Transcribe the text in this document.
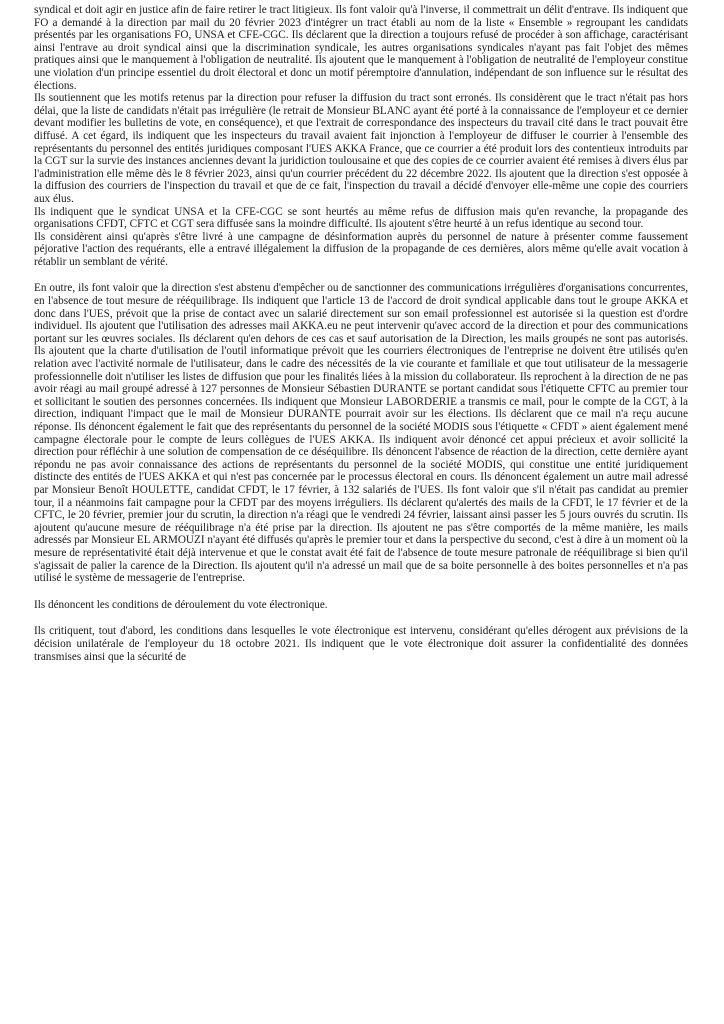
syndical et doit agir en justice afin de faire retirer le tract litigieux. Ils font valoir qu'à l'inverse, il commettrait un délit d'entrave. Ils indiquent que FO a demandé à la direction par mail du 20 février 2023 d'intégrer un tract établi au nom de la liste « Ensemble » regroupant les candidats présentés par les organisations FO, UNSA et CFE-CGC. Ils déclarent que la direction a toujours refusé de procéder à son affichage, caractérisant ainsi l'entrave au droit syndical ainsi que la discrimination syndicale, les autres organisations syndicales n'ayant pas fait l'objet des mêmes pratiques ainsi que le manquement à l'obligation de neutralité. Ils ajoutent que le manquement à l'obligation de neutralité de l'employeur constitue une violation d'un principe essentiel du droit électoral et donc un motif péremptoire d'annulation, indépendant de son influence sur le résultat des élections.

Ils soutiennent que les motifs retenus par la direction pour refuser la diffusion du tract sont erronés. Ils considèrent que le tract n'était pas hors délai, que la liste de candidats n'était pas irrégulière (le retrait de Monsieur BLANC ayant été porté à la connaissance de l'employeur et ce dernier devant modifier les bulletins de vote, en conséquence), et que l'extrait de correspondance des inspecteurs du travail cité dans le tract pouvait être diffusé. A cet égard, ils indiquent que les inspecteurs du travail avaient fait injonction à l'employeur de diffuser le courrier à l'ensemble des représentants du personnel des entités juridiques composant l'UES AKKA France, que ce courrier a été produit lors des contentieux introduits par la CGT sur la survie des instances anciennes devant la juridiction toulousaine et que des copies de ce courrier avaient été remises à divers élus par l'administration elle même dès le 8 février 2023, ainsi qu'un courrier précédent du 22 décembre 2022. Ils ajoutent que la direction s'est opposée à la diffusion des courriers de l'inspection du travail et que de ce fait, l'inspection du travail a décidé d'envoyer elle-même une copie des courriers aux élus.

Ils indiquent que le syndicat UNSA et la CFE-CGC se sont heurtés au même refus de diffusion mais qu'en revanche, la propagande des organisations CFDT, CFTC et CGT sera diffusée sans la moindre difficulté. Ils ajoutent s'être heurté à un refus identique au second tour.

Ils considèrent ainsi qu'après s'être livré à une campagne de désinformation auprès du personnel de nature à présenter comme faussement péjorative l'action des requérants, elle a entravé illégalement la diffusion de la propagande de ces dernières, alors même qu'elle avait vocation à rétablir un semblant de vérité.

En outre, ils font valoir que la direction s'est abstenu d'empêcher ou de sanctionner des communications irrégulières d'organisations concurrentes, en l'absence de tout mesure de rééquilibrage. Ils indiquent que l'article 13 de l'accord de droit syndical applicable dans tout le groupe AKKA et donc dans l'UES, prévoit que la prise de contact avec un salarié directement sur son email professionnel est autorisée si la question est d'ordre individuel. Ils ajoutent que l'utilisation des adresses mail AKKA.eu ne peut intervenir qu'avec accord de la direction et pour des communications portant sur les œuvres sociales. Ils déclarent qu'en dehors de ces cas et sauf autorisation de la Direction, les mails groupés ne sont pas autorisés. Ils ajoutent que la charte d'utilisation de l'outil informatique prévoit que les courriers électroniques de l'entreprise ne doivent être utilisés qu'en relation avec l'activité normale de l'utilisateur, dans le cadre des nécessités de la vie courante et familiale et que tout utilisateur de la messagerie professionnelle doit n'utiliser les listes de diffusion que pour les finalités liées à la mission du collaborateur. Ils reprochent à la direction de ne pas avoir réagi au mail groupé adressé à 127 personnes de Monsieur Sébastien DURANTE se portant candidat sous l'étiquette CFTC au premier tour et sollicitant le soutien des personnes concernées. Ils indiquent que Monsieur LABORDERIE a transmis ce mail, pour le compte de la CGT, à la direction, indiquant l'impact que le mail de Monsieur DURANTE pourrait avoir sur les élections. Ils déclarent que ce mail n'a reçu aucune réponse. Ils dénoncent également le fait que des représentants du personnel de la société MODIS sous l'étiquette « CFDT » aient également mené campagne électorale pour le compte de leurs collègues de l'UES AKKA. Ils indiquent avoir dénoncé cet appui précieux et avoir sollicité la direction pour réfléchir à une solution de compensation de ce déséquilibre. Ils dénoncent l'absence de réaction de la direction, cette dernière ayant répondu ne pas avoir connaissance des actions de représentants du personnel de la société MODIS, qui constitue une entité juridiquement distincte des entités de l'UES AKKA et qui n'est pas concernée par le processus électoral en cours. Ils dénoncent également un autre mail adressé par Monsieur Benoît HOULETTE, candidat CFDT, le 17 février, à 132 salariés de l'UES. Ils font valoir que s'il n'était pas candidat au premier tour, il a néanmoins fait campagne pour la CFDT par des moyens irréguliers. Ils déclarent qu'alertés des mails de la CFDT, le 17 février et de la CFTC, le 20 février, premier jour du scrutin, la direction n'a réagi que le vendredi 24 février, laissant ainsi passer les 5 jours ouvrés du scrutin. Ils ajoutent qu'aucune mesure de rééquilibrage n'a été prise par la direction. Ils ajoutent ne pas s'être comportés de la même manière, les mails adressés par Monsieur EL ARMOUZI n'ayant été diffusés qu'après le premier tour et dans la perspective du second, c'est à dire à un moment où la mesure de représentativité était déjà intervenue et que le constat avait été fait de l'absence de toute mesure patronale de rééquilibrage si bien qu'il s'agissait de palier la carence de la Direction. Ils ajoutent qu'il n'a adressé un mail que de sa boite personnelle à des boites personnelles et n'a pas utilisé le système de messagerie de l'entreprise.

Ils dénoncent les conditions de déroulement du vote électronique.

Ils critiquent, tout d'abord, les conditions dans lesquelles le vote électronique est intervenu, considérant qu'elles dérogent aux prévisions de la décision unilatérale de l'employeur du 18 octobre 2021. Ils indiquent que le vote électronique doit assurer la confidentialité des données transmises ainsi que la sécurité de
